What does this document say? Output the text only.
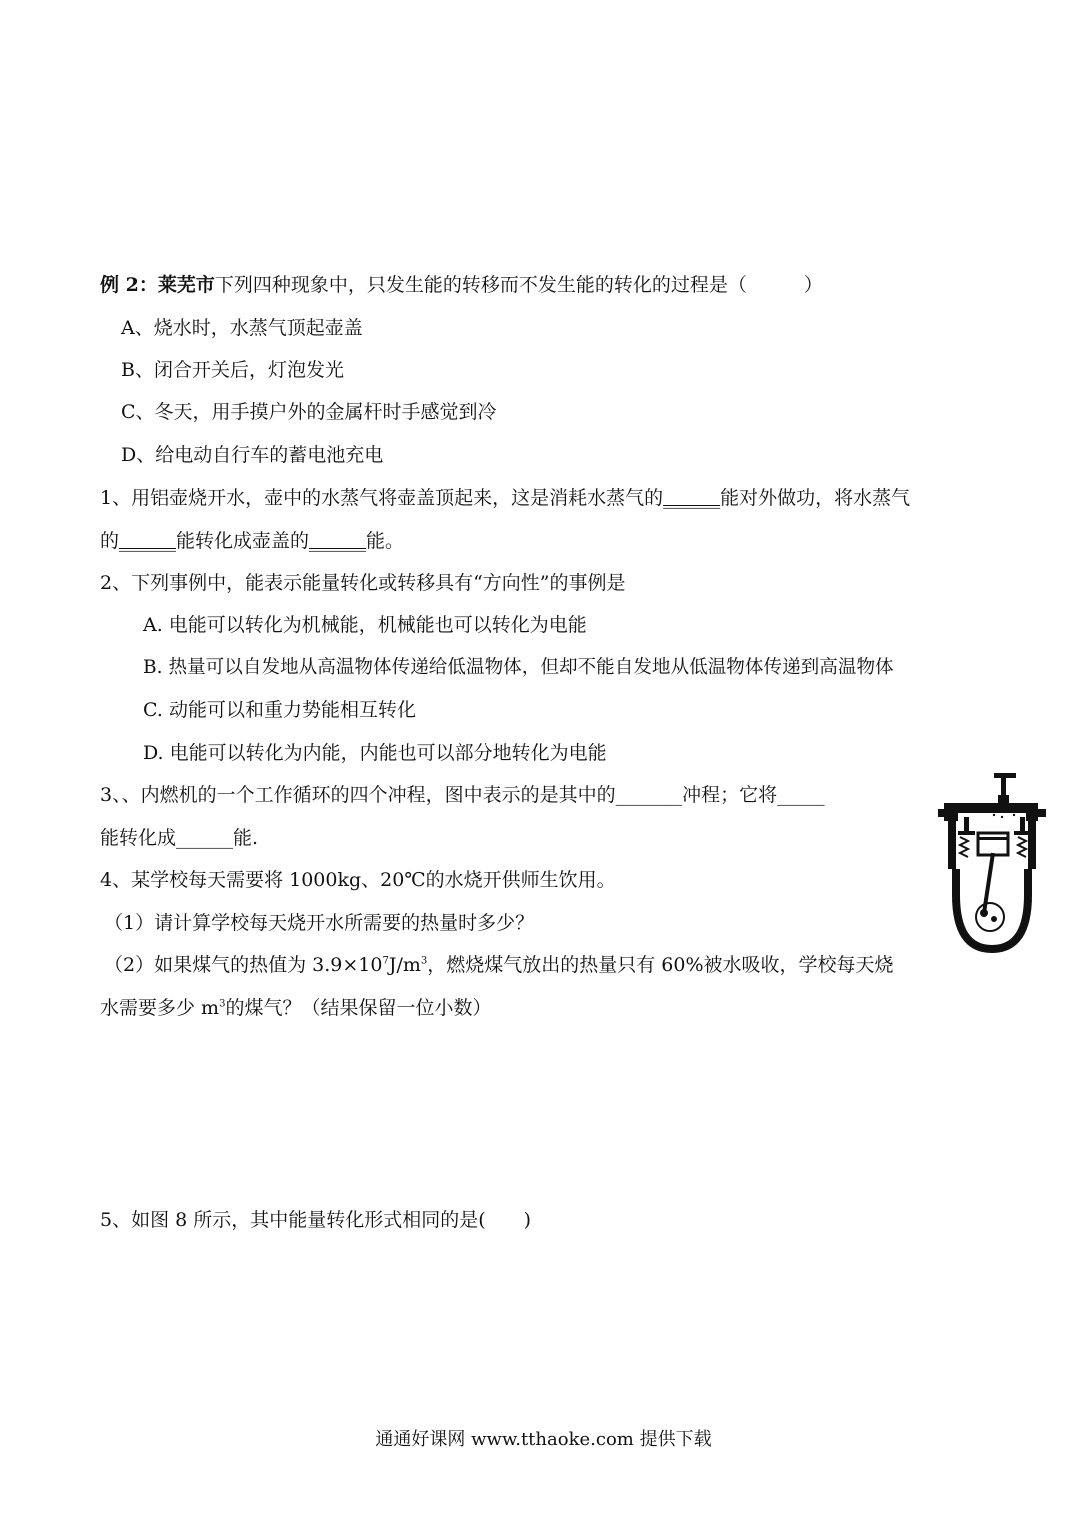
例 2：莱芜市下列四种现象中，只发生能的转移而不发生能的转化的过程是（　　　）
A、烧水时，水蒸气顶起壶盖
B、闭合开关后，灯泡发光
C、冬天，用手摸户外的金属杆时手感觉到冷
D、给电动自行车的蓄电池充电
1、用铝壶烧开水，壶中的水蒸气将壶盖顶起来，这是消耗水蒸气的______能对外做功，将水蒸气
的______能转化成壶盖的______能。
2、下列事例中，能表示能量转化或转移具有“方向性”的事例是
A. 电能可以转化为机械能，机械能也可以转化为电能
B. 热量可以自发地从高温物体传递给低温物体，但却不能自发地从低温物体传递到高温物体
C. 动能可以和重力势能相互转化
D. 电能可以转化为内能，内能也可以部分地转化为电能
3、、内燃机的一个工作循环的四个冲程，图中表示的是其中的_______冲程；它将_____
能转化成______能.
4、某学校每天需要将 1000kg、20℃的水烧开供师生饮用。
（1）请计算学校每天烧开水所需要的热量时多少？
（2）如果煤气的热值为 $3.9\times 10^7J/m^3$，燃烧煤气放出的热量只有 60%被水吸收，学校每天烧
水需要多少 $m^3$的煤气？（结果保留一位小数）
5、如图 8 所示，其中能量转化形式相同的是(　　)
通通好课网 www.tthaoke.com 提供下载
